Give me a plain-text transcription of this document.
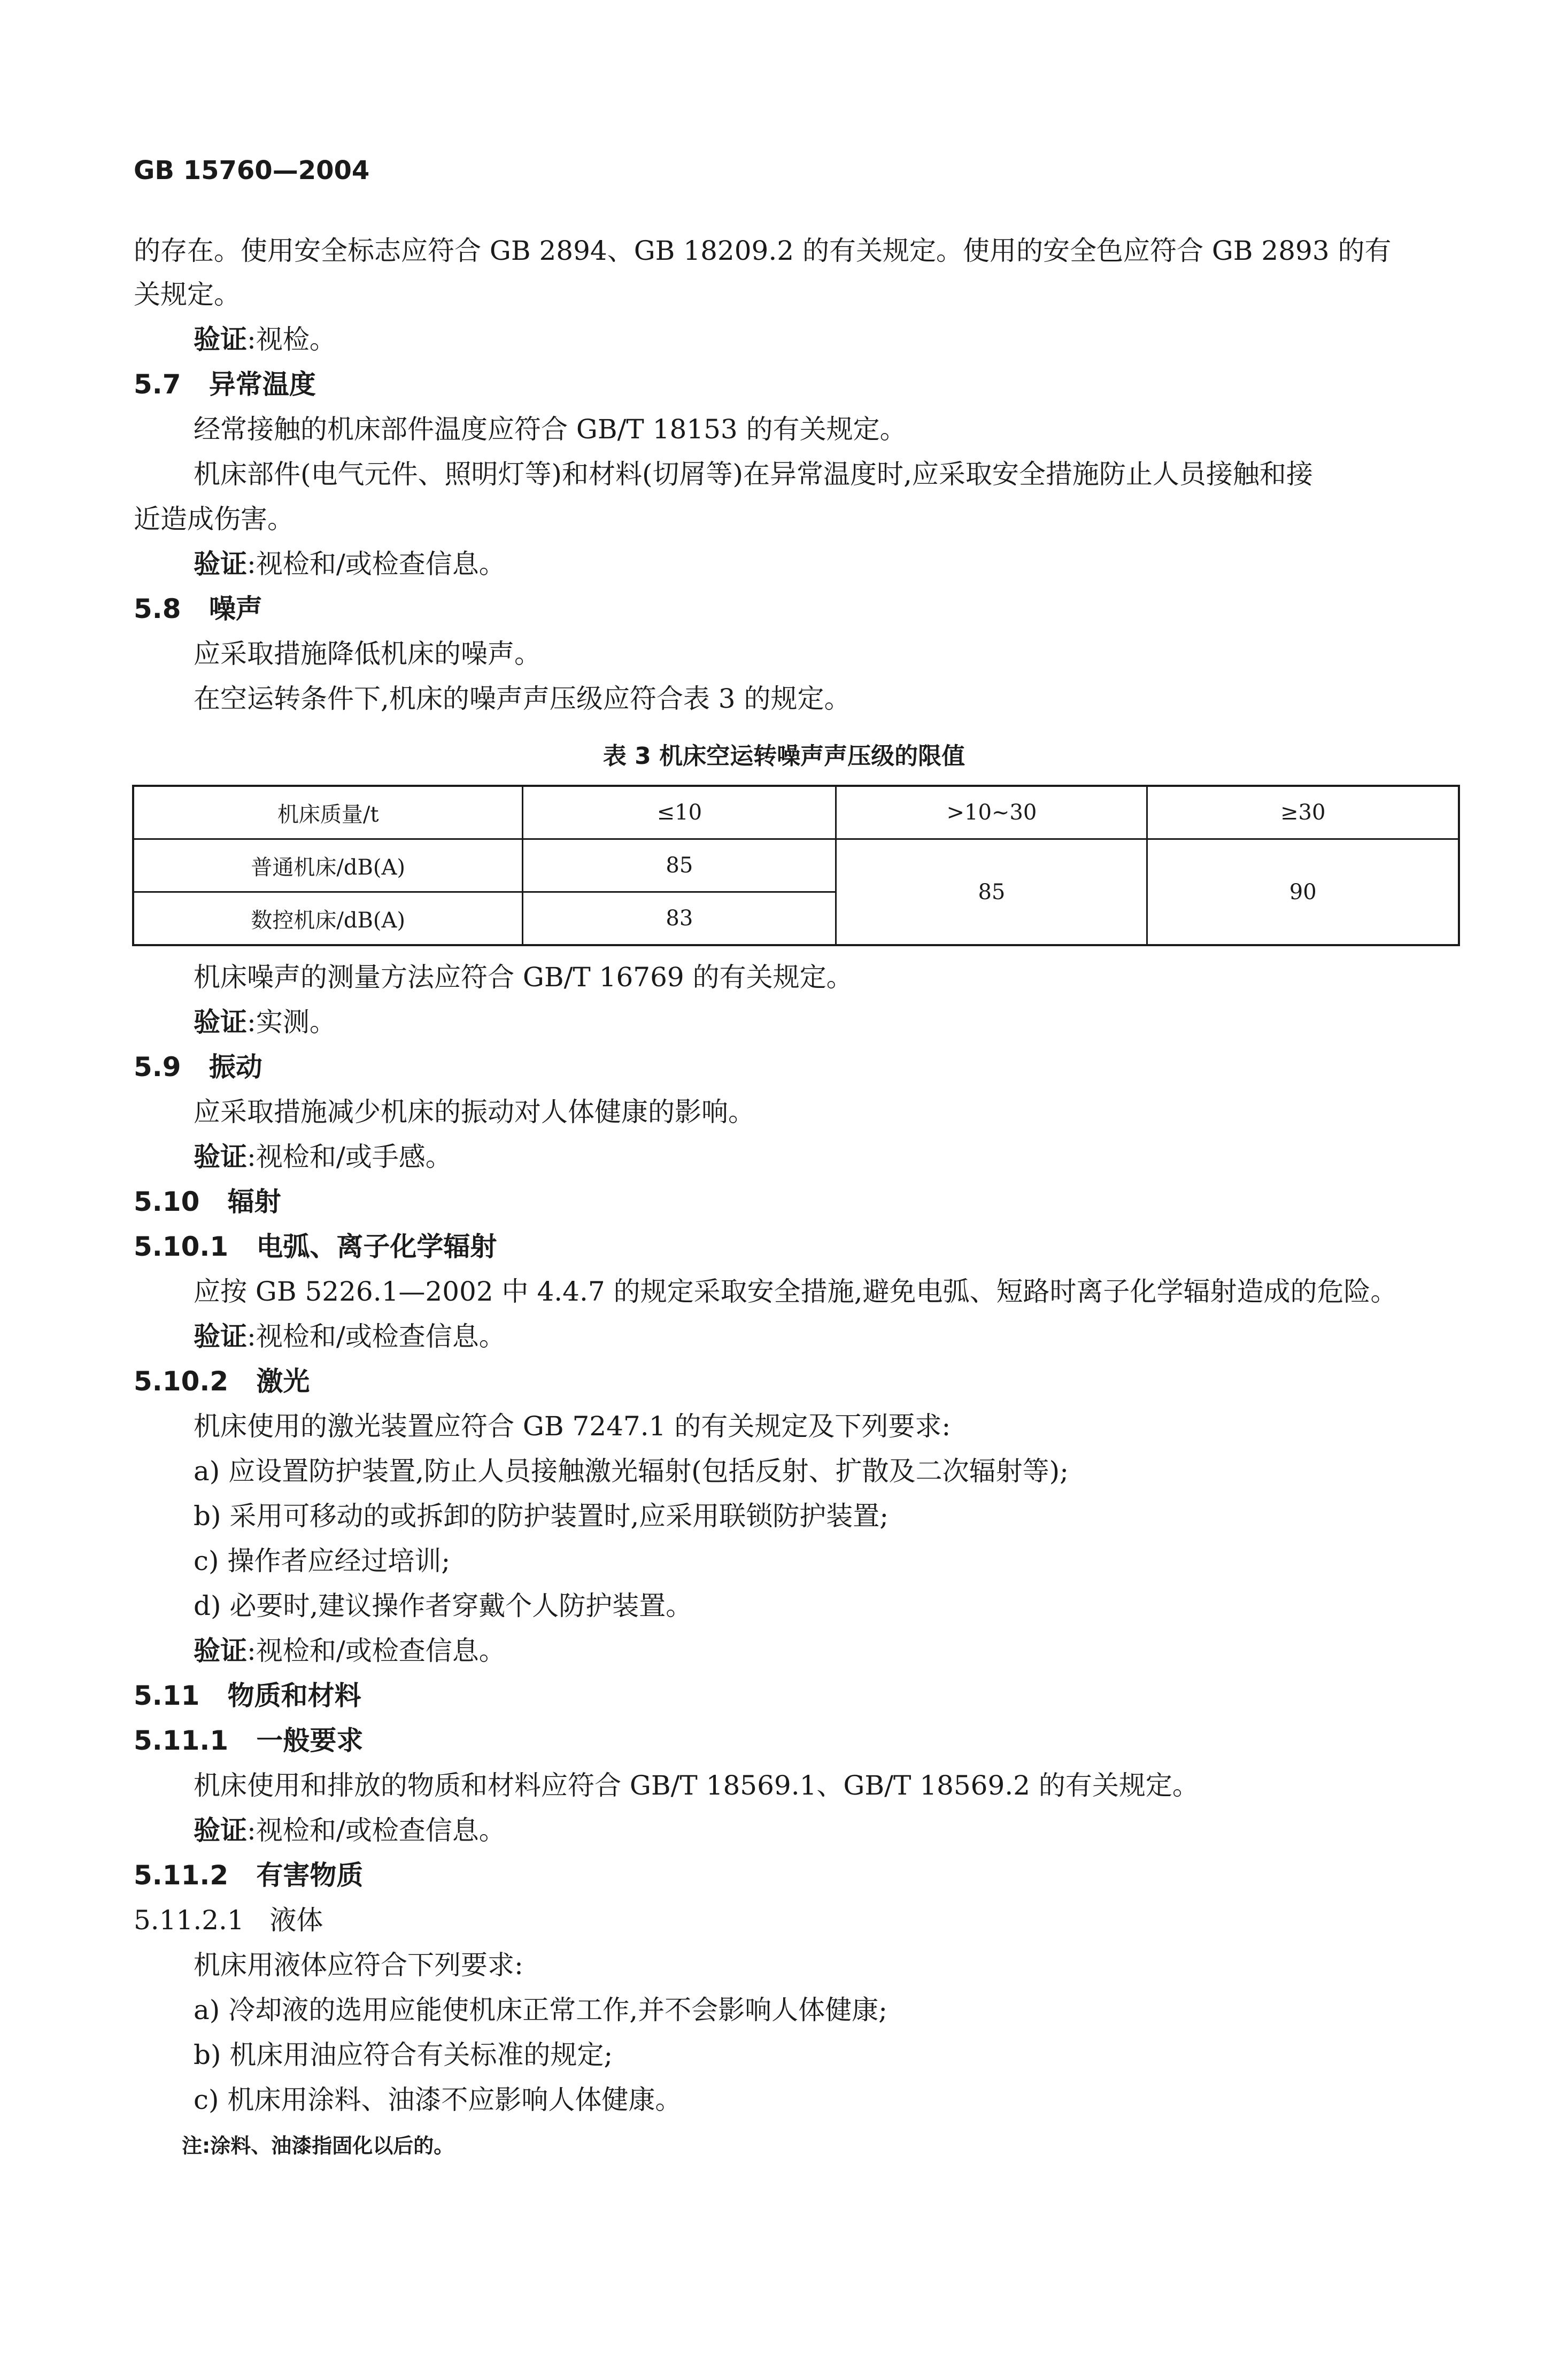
GB 15760—2004
的存在。使用安全标志应符合 GB 2894、GB 18209.2 的有关规定。使用的安全色应符合 GB 2893 的有
关规定。
验证:视检。
5.7 异常温度
经常接触的机床部件温度应符合 GB/T 18153 的有关规定。
机床部件(电气元件、照明灯等)和材料(切屑等)在异常温度时,应采取安全措施防止人员接触和接
近造成伤害。
验证:视检和/或检查信息。
5.8 噪声
应采取措施降低机床的噪声。
在空运转条件下,机床的噪声声压级应符合表 3 的规定。
表 3 机床空运转噪声声压级的限值
机床质量/t	≤10	>10~30	≥30
普通机床/dB(A)	85	85	90
数控机床/dB(A)	83		
机床噪声的测量方法应符合 GB/T 16769 的有关规定。
验证:实测。
5.9 振动
应采取措施减少机床的振动对人体健康的影响。
验证:视检和/或手感。
5.10 辐射
5.10.1 电弧、离子化学辐射
应按 GB 5226.1—2002 中 4.4.7 的规定采取安全措施,避免电弧、短路时离子化学辐射造成的危险。
验证:视检和/或检查信息。
5.10.2 激光
机床使用的激光装置应符合 GB 7247.1 的有关规定及下列要求:
a) 应设置防护装置,防止人员接触激光辐射(包括反射、扩散及二次辐射等);
b) 采用可移动的或拆卸的防护装置时,应采用联锁防护装置;
c) 操作者应经过培训;
d) 必要时,建议操作者穿戴个人防护装置。
验证:视检和/或检查信息。
5.11 物质和材料
5.11.1 一般要求
机床使用和排放的物质和材料应符合 GB/T 18569.1、GB/T 18569.2 的有关规定。
验证:视检和/或检查信息。
5.11.2 有害物质
5.11.2.1 液体
机床用液体应符合下列要求:
a) 冷却液的选用应能使机床正常工作,并不会影响人体健康;
b) 机床用油应符合有关标准的规定;
c) 机床用涂料、油漆不应影响人体健康。
注:涂料、油漆指固化以后的。
